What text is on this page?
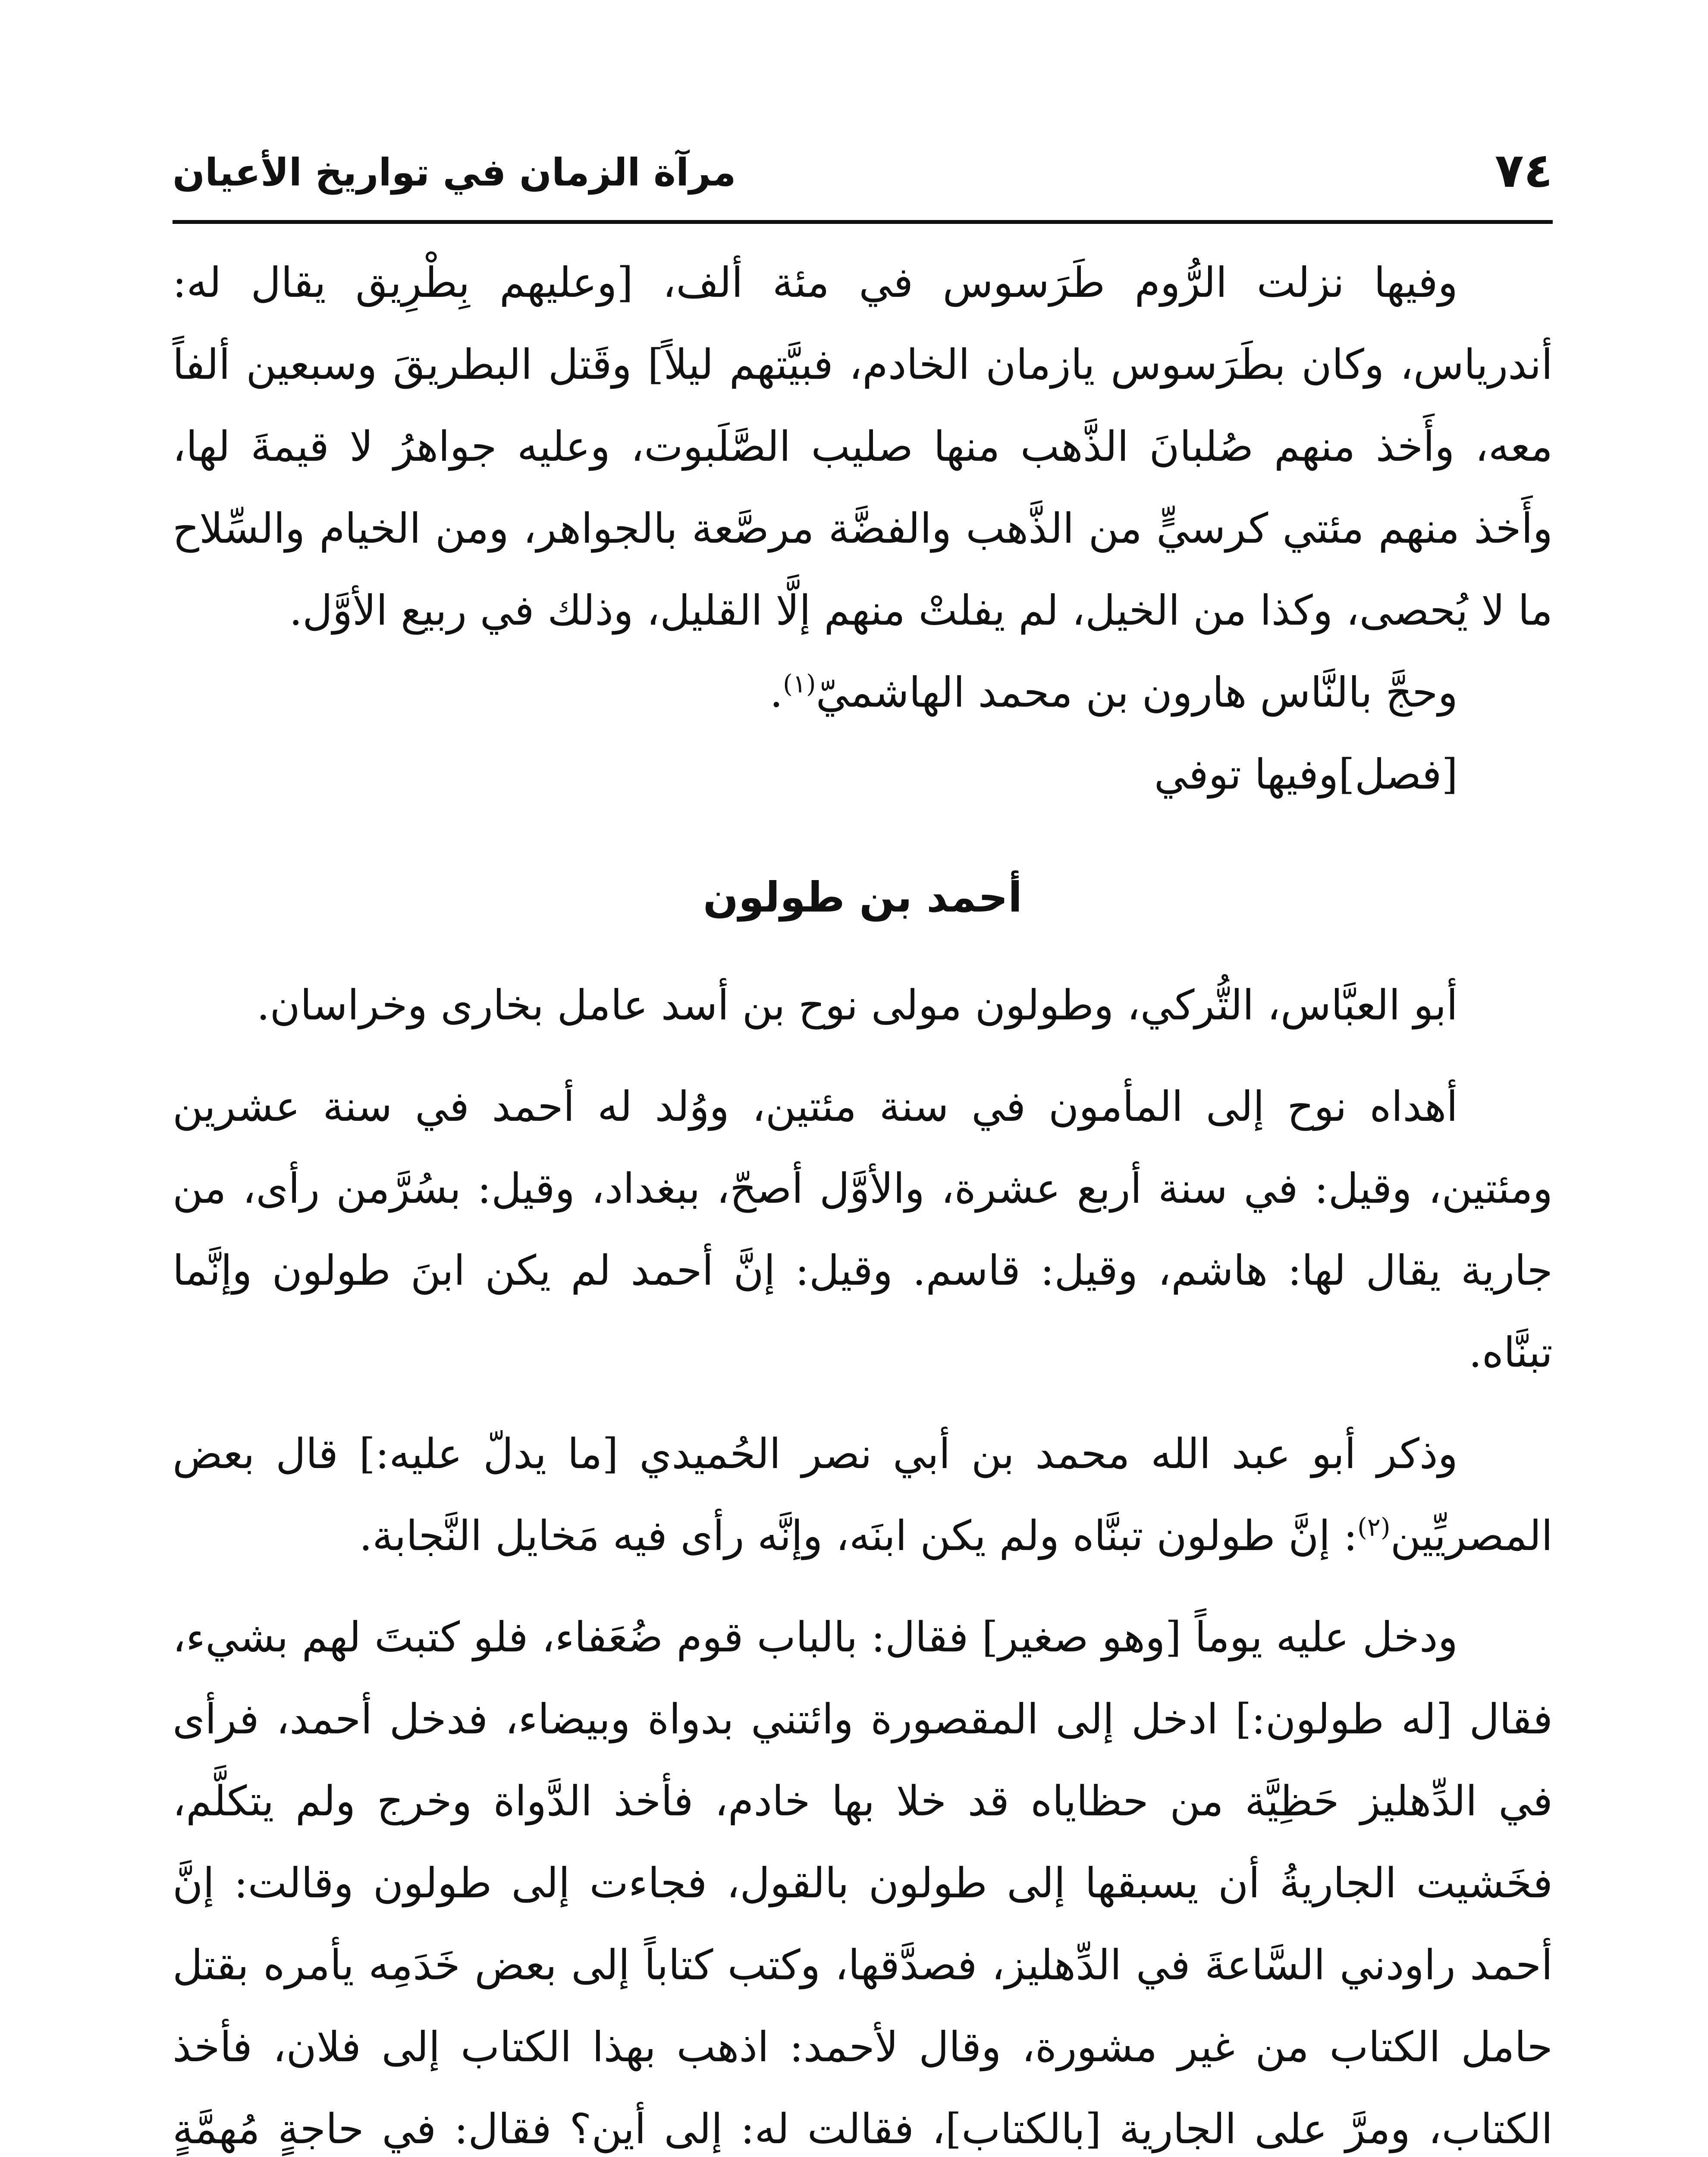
٧٤
مرآة الزمان في تواريخ الأعيان

وفيها نزلت الرُّوم طَرَسوس في مئة ألف، [وعليهم بِطْرِيق يقال له: أندرياس، وكان بطَرَسوس يازمان الخادم، فبيَّتهم ليلاً] وقَتل البطريقَ وسبعين ألفاً معه، وأَخذ منهم صُلبانَ الذَّهب منها صليب الصَّلَبوت، وعليه جواهرُ لا قيمةَ لها، وأَخذ منهم مئتي كرسيٍّ من الذَّهب والفضَّة مرصَّعة بالجواهر، ومن الخيام والسِّلاح ما لا يُحصى، وكذا من الخيل، لم يفلتْ منهم إلَّا القليل، وذلك في ربيع الأوَّل.

وحجَّ بالنَّاس هارون بن محمد الهاشميّ$^{(١)}$.

[فصل]وفيها توفي

أحمد بن طولون

أبو العبَّاس، التُّركي، وطولون مولى نوح بن أسد عامل بخارى وخراسان.

أهداه نوح إلى المأمون في سنة مئتين، ووُلد له أحمد في سنة عشرين ومئتين، وقيل: في سنة أربع عشرة، والأوَّل أصحّ، ببغداد، وقيل: بسُرَّمن رأى، من جارية يقال لها: هاشم، وقيل: قاسم. وقيل: إنَّ أحمد لم يكن ابنَ طولون وإنَّما تبنَّاه.

وذكر أبو عبد الله محمد بن أبي نصر الحُميدي [ما يدلّ عليه:] قال بعض المصريِّين$^{(٢)}$: إنَّ طولون تبنَّاه ولم يكن ابنَه، وإنَّه رأى فيه مَخايل النَّجابة.

ودخل عليه يوماً [وهو صغير] فقال: بالباب قوم ضُعَفاء، فلو كتبتَ لهم بشيء، فقال [له طولون:] ادخل إلى المقصورة وائتني بدواة وبيضاء، فدخل أحمد، فرأى في الدِّهليز حَظِيَّة من حظاياه قد خلا بها خادم، فأخذ الدَّواة وخرج ولم يتكلَّم، فخَشيت الجاريةُ أن يسبقها إلى طولون بالقول، فجاءت إلى طولون وقالت: إنَّ أحمد راودني السَّاعةَ في الدِّهليز، فصدَّقها، وكتب كتاباً إلى بعض خَدَمِه يأمره بقتل حامل الكتاب من غير مشورة، وقال لأحمد: اذهب بهذا الكتاب إلى فلان، فأخذ الكتاب، ومرَّ على الجارية [بالكتاب]، فقالت له: إلى أين؟ فقال: في حاجةٍ مُهمَّةٍ
